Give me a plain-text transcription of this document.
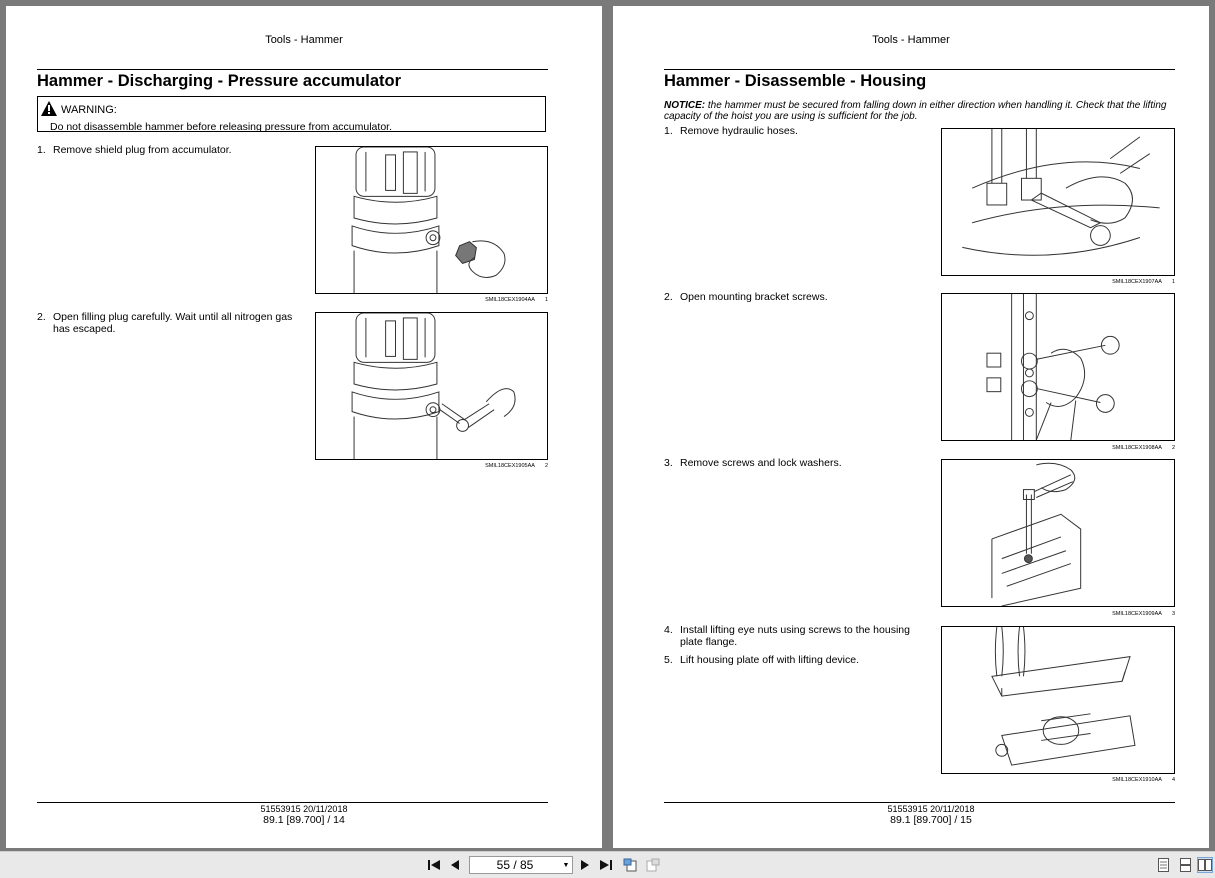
Tools - Hammer
Hammer - Discharging - Pressure accumulator
WARNING:
Do not disassemble hammer before releasing pressure from accumulator.
1. Remove shield plug from accumulator.
SMIL18CEX1904AA 1
2. Open filling plug carefully. Wait until all nitrogen gas has escaped.
SMIL18CEX1905AA 2
51553915 20/11/2018
89.1 [89.700] / 14
Tools - Hammer
Hammer - Disassemble - Housing
NOTICE: the hammer must be secured from falling down in either direction when handling it. Check that the lifting capacity of the hoist you are using is sufficient for the job.
1. Remove hydraulic hoses.
SMIL18CEX1907AA 1
2. Open mounting bracket screws.
SMIL18CEX1908AA 2
3. Remove screws and lock washers.
SMIL18CEX1909AA 3
4. Install lifting eye nuts using screws to the housing plate flange.
5. Lift housing plate off with lifting device.
SMIL18CEX1910AA 4
51553915 20/11/2018
89.1 [89.700] / 15
55 / 85	▼
